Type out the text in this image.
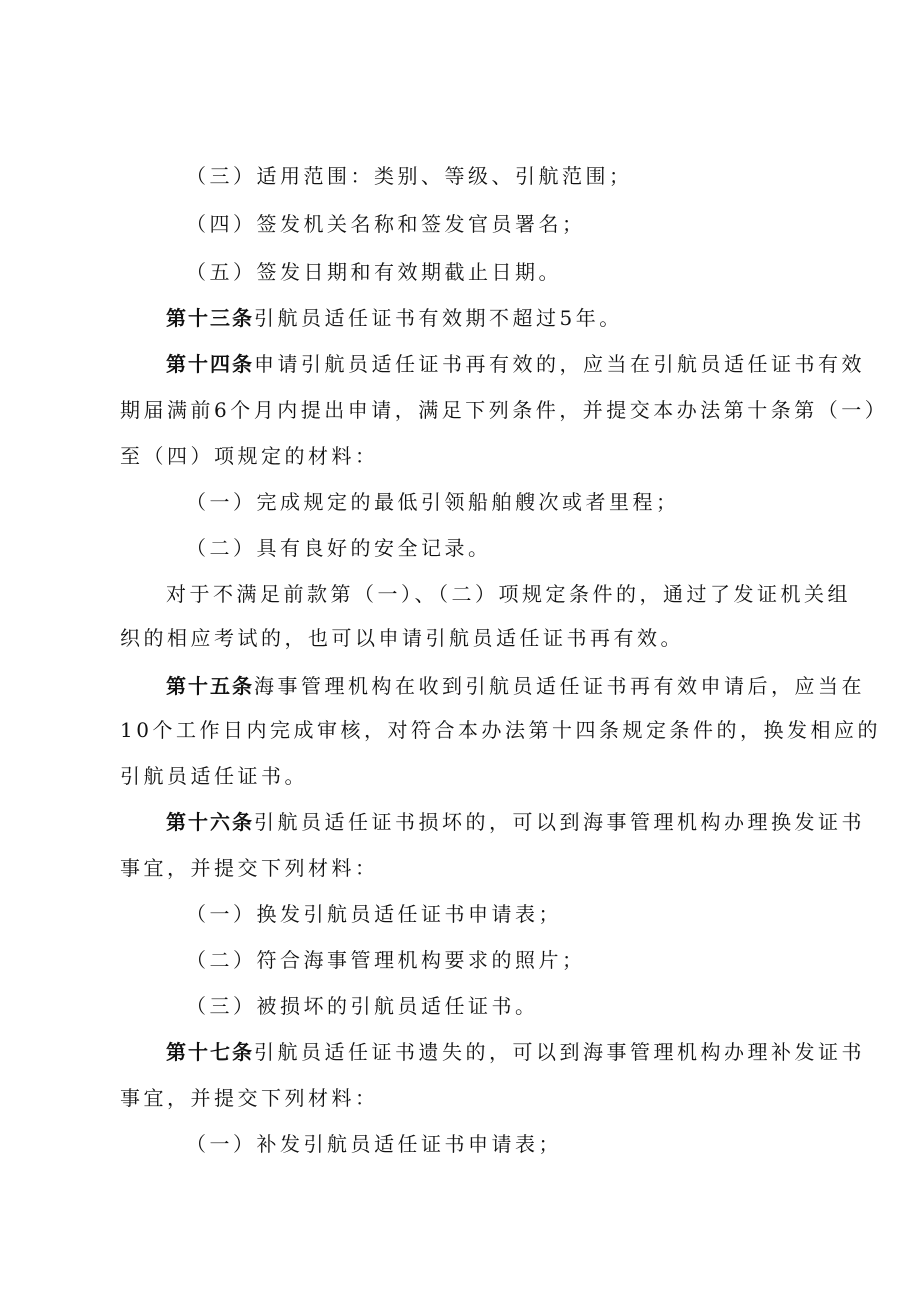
（三）适用范围：类别、等级、引航范围；
（四）签发机关名称和签发官员署名；
（五）签发日期和有效期截止日期。
第十三条引航员适任证书有效期不超过5年。
第十四条申请引航员适任证书再有效的，应当在引航员适任证书有效
期届满前6个月内提出申请，满足下列条件，并提交本办法第十条第（一）
至（四）项规定的材料：
（一）完成规定的最低引领船舶艘次或者里程；
（二）具有良好的安全记录。
对于不满足前款第（一）、（二）项规定条件的，通过了发证机关组
织的相应考试的，也可以申请引航员适任证书再有效。
第十五条海事管理机构在收到引航员适任证书再有效申请后，应当在
10个工作日内完成审核，对符合本办法第十四条规定条件的，换发相应的
引航员适任证书。
第十六条引航员适任证书损坏的，可以到海事管理机构办理换发证书
事宜，并提交下列材料：
（一）换发引航员适任证书申请表；
（二）符合海事管理机构要求的照片；
（三）被损坏的引航员适任证书。
第十七条引航员适任证书遗失的，可以到海事管理机构办理补发证书
事宜，并提交下列材料：
（一）补发引航员适任证书申请表；
